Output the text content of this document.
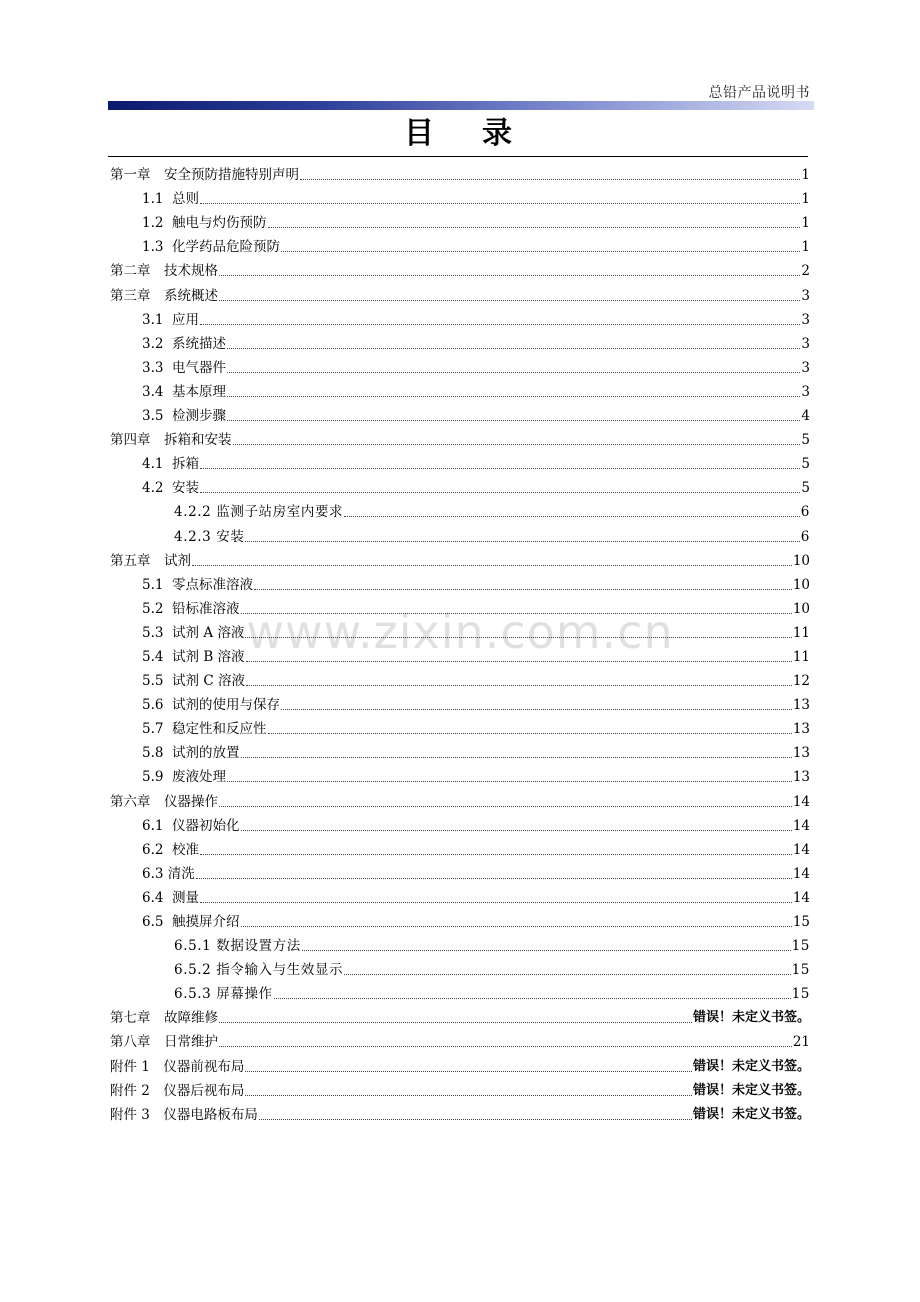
总铅产品说明书
目 录
第一章　安全预防措施特别声明	1
1.1  总则	1
1.2  触电与灼伤预防	1
1.3  化学药品危险预防	1
第二章　技术规格	2
第三章　系统概述	3
3.1  应用	3
3.2  系统描述	3
3.3  电气器件	3
3.4  基本原理	3
3.5  检测步骤	4
第四章　拆箱和安装	5
4.1  拆箱	5
4.2  安装	5
4.2.2 监测子站房室内要求	6
4.2.3 安装	6
第五章　试剂	10
5.1  零点标准溶液	10
5.2  铅标准溶液	10
5.3  试剂 A 溶液	11
5.4  试剂 B 溶液	11
5.5  试剂 C 溶液	12
5.6  试剂的使用与保存	13
5.7  稳定性和反应性	13
5.8  试剂的放置	13
5.9  废液处理	13
第六章　仪器操作	14
6.1  仪器初始化	14
6.2  校准	14
6.3 清洗	14
6.4  测量	14
6.5  触摸屏介绍	15
6.5.1 数据设置方法	15
6.5.2 指令输入与生效显示	15
6.5.3 屏幕操作	15
第七章　故障维修	错误！未定义书签。
第八章　日常维护	21
附件 1　仪器前视布局	错误！未定义书签。
附件 2　仪器后视布局	错误！未定义书签。
附件 3　仪器电路板布局	错误！未定义书签。
www.zixin.com.cn
